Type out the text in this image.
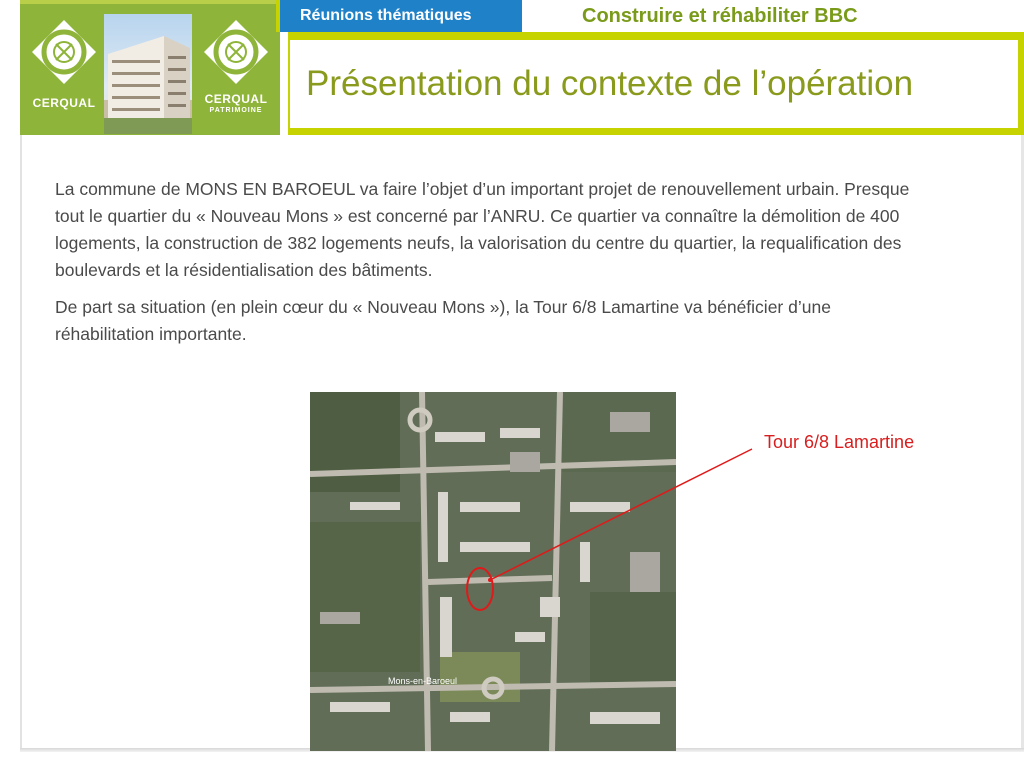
CERQUAL	CERQUAL
PATRIMOINE
Réunions thématiques	Construire et réhabiliter BBC
Présentation du contexte de l’opération

La commune de MONS EN BAROEUL va faire l’objet d’un important projet de renouvellement urbain. Presque tout le quartier du « Nouveau Mons » est concerné par l’ANRU. Ce quartier va connaître la démolition de 400 logements, la construction de 382 logements neufs, la valorisation du centre du quartier, la requalification des boulevards et la résidentialisation des bâtiments.

De part sa situation (en plein cœur du « Nouveau Mons »), la Tour 6/8 Lamartine va bénéficier d’une réhabilitation importante.

Mons-en-Baroeul
Tour 6/8 Lamartine
